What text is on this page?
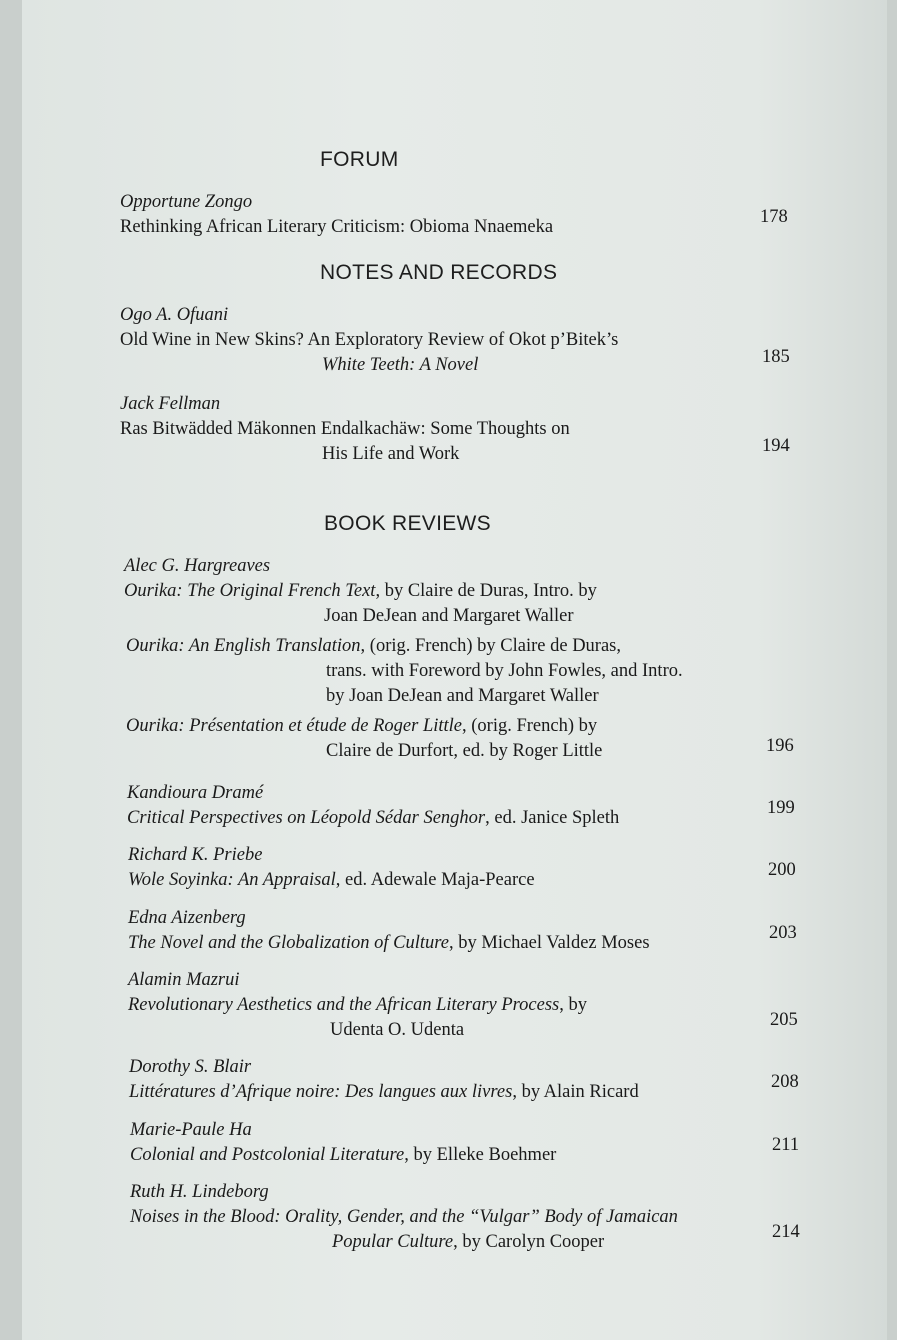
FORUM
Opportune Zongo
Rethinking African Literary Criticism: Obioma Nnaemeka	178
NOTES AND RECORDS
Ogo A. Ofuani
Old Wine in New Skins? An Exploratory Review of Okot p’Bitek’s
White Teeth: A Novel	185
Jack Fellman
Ras Bitwädded Mäkonnen Endalkachäw: Some Thoughts on
His Life and Work	194
BOOK REVIEWS
Alec G. Hargreaves
Ourika: The Original French Text, by Claire de Duras, Intro. by
Joan DeJean and Margaret Waller
Ourika: An English Translation, (orig. French) by Claire de Duras,
trans. with Foreword by John Fowles, and Intro.
by Joan DeJean and Margaret Waller
Ourika: Présentation et étude de Roger Little, (orig. French) by
Claire de Durfort, ed. by Roger Little	196
Kandioura Dramé
Critical Perspectives on Léopold Sédar Senghor, ed. Janice Spleth	199
Richard K. Priebe
Wole Soyinka: An Appraisal, ed. Adewale Maja-Pearce	200
Edna Aizenberg
The Novel and the Globalization of Culture, by Michael Valdez Moses	203
Alamin Mazrui
Revolutionary Aesthetics and the African Literary Process, by
Udenta O. Udenta	205
Dorothy S. Blair
Littératures d’Afrique noire: Des langues aux livres, by Alain Ricard	208
Marie-Paule Ha
Colonial and Postcolonial Literature, by Elleke Boehmer	211
Ruth H. Lindeborg
Noises in the Blood: Orality, Gender, and the “Vulgar” Body of Jamaican
Popular Culture, by Carolyn Cooper	214
